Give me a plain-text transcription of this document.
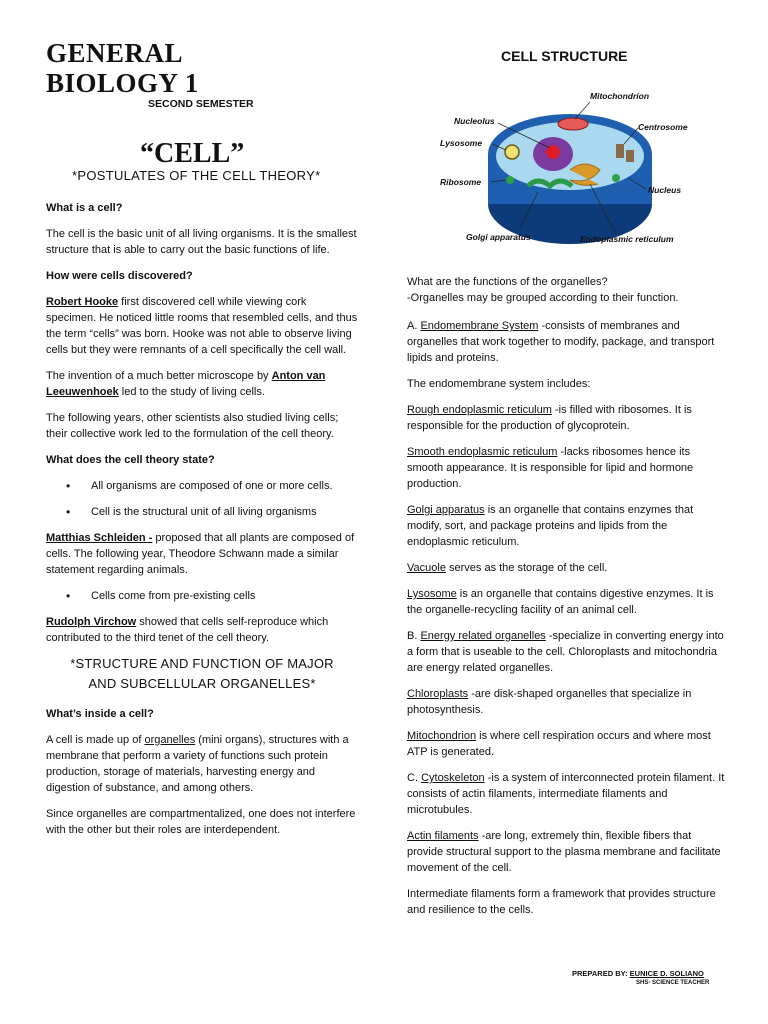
GENERAL
BIOLOGY 1
SECOND SEMESTER
“CELL”
*POSTULATES OF THE CELL THEORY*

What is a cell?

The cell is the basic unit of all living organisms. It is the smallest structure that is able to carry out the basic functions of life.

How were cells discovered?

Robert Hooke first discovered cell while viewing cork specimen. He noticed little rooms that resembled cells, and thus the term “cells” was born. Hooke was not able to observe living cells but they were remnants of a cell specifically the cell wall.

The invention of a much better microscope by Anton van Leeuwenhoek led to the study of living cells.

The following years, other scientists also studied living cells; their collective work led to the formulation of the cell theory.

What does the cell theory state?

• All organisms are composed of one or more cells.
• Cell is the structural unit of all living organisms

Matthias Schleiden - proposed that all plants are composed of cells. The following year, Theodore Schwann made a similar statement regarding animals.

• Cells come from pre-existing cells

Rudolph Virchow showed that cells self-reproduce which contributed to the third tenet of the cell theory.

*STRUCTURE AND FUNCTION OF MAJOR
AND SUBCELLULAR ORGANELLES*

What’s inside a cell?

A cell is made up of organelles (mini organs), structures with a membrane that perform a variety of functions such protein production, storage of materials, harvesting energy and digestion of substance, and among others.

Since organelles are compartmentalized, one does not interfere with the other but their roles are interdependent.

CELL STRUCTURE
Mitochondrion
Nucleolus
Centrosome
Lysosome
Ribosome
Nucleus
Golgi apparatus	Endoplasmic reticulum

What are the functions of the organelles?

-Organelles may be grouped according to their function.

A. Endomembrane System -consists of membranes and organelles that work together to modify, package, and transport lipids and proteins.

The endomembrane system includes:

Rough endoplasmic reticulum -is filled with ribosomes. It is responsible for the production of glycoprotein.

Smooth endoplasmic reticulum -lacks ribosomes hence its smooth appearance. It is responsible for lipid and hormone production.

Golgi apparatus is an organelle that contains enzymes that modify, sort, and package proteins and lipids from the endoplasmic reticulum.

Vacuole serves as the storage of the cell.

Lysosome is an organelle that contains digestive enzymes. It is the organelle-recycling facility of an animal cell.

B. Energy related organelles -specialize in converting energy into a form that is useable to the cell. Chloroplasts and mitochondria are energy related organelles.

Chloroplasts -are disk-shaped organelles that specialize in photosynthesis.

Mitochondrion is where cell respiration occurs and where most ATP is generated.

C. Cytoskeleton -is a system of interconnected protein filament. It consists of actin filaments, intermediate filaments and microtubules.

Actin filaments -are long, extremely thin, flexible fibers that provide structural support to the plasma membrane and facilitate movement of the cell.

Intermediate filaments form a framework that provides structure and resilience to the cells.

PREPARED BY: EUNICE D. SOLIANO
SHS- SCIENCE TEACHER
